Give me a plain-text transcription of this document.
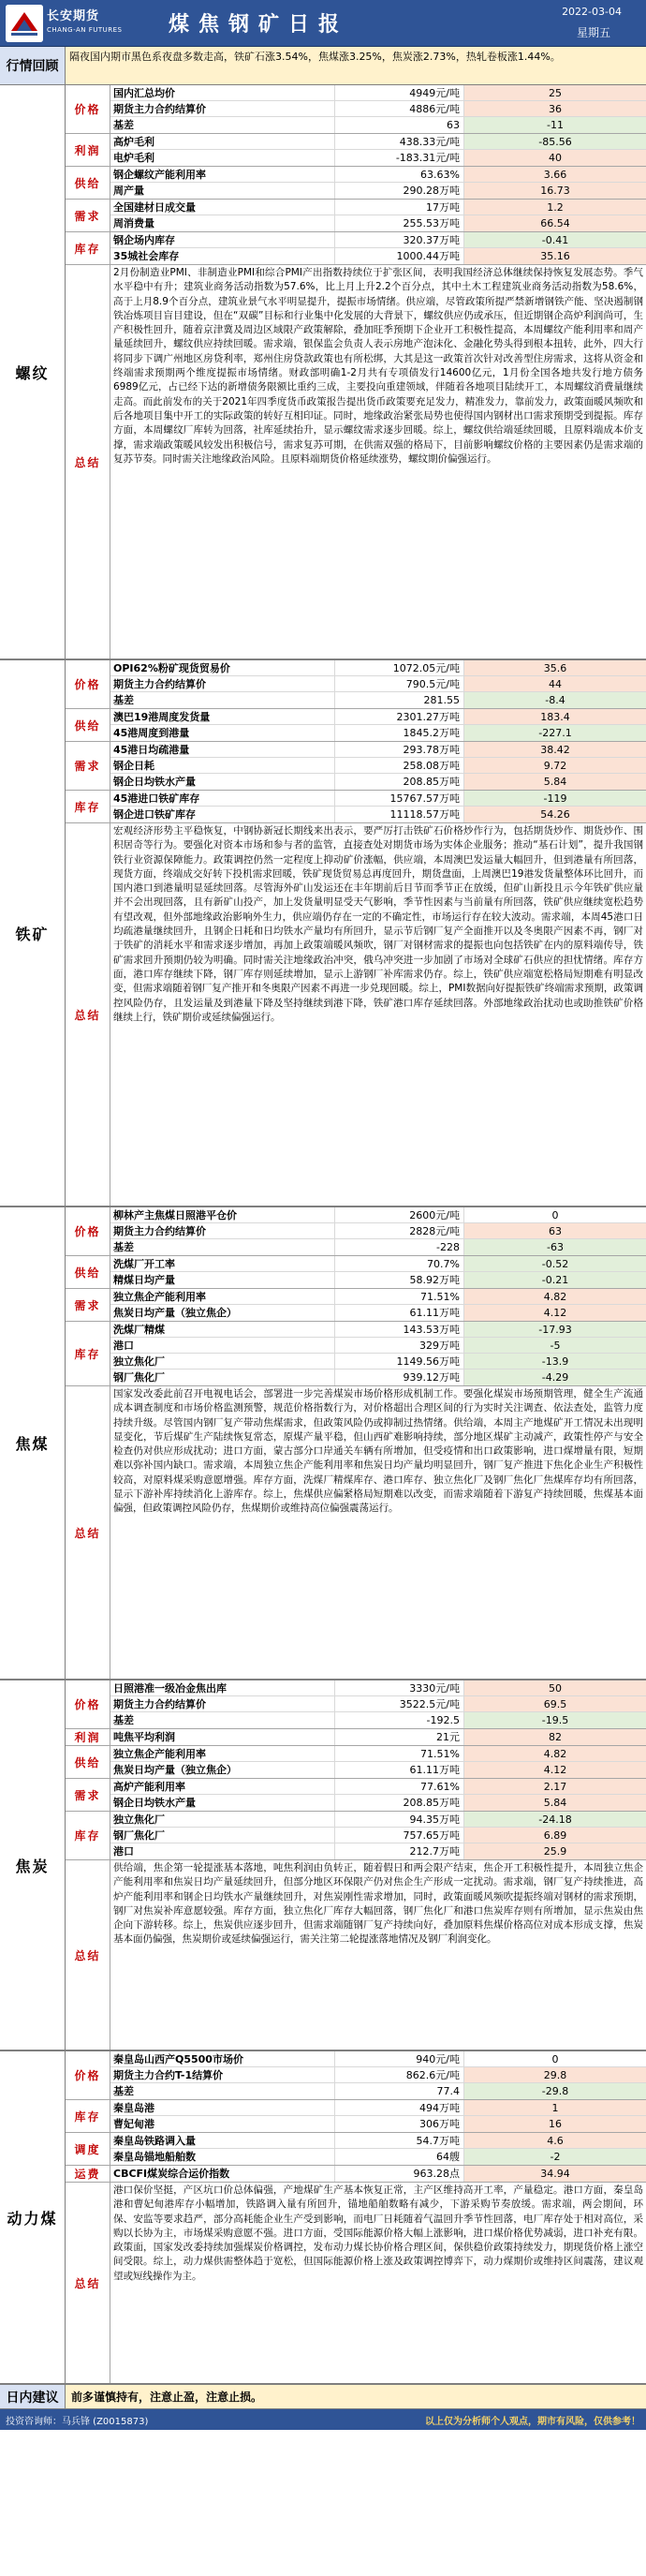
长安期货
CHANG-AN FUTURES 煤焦钢矿日报
2022-03-04
星期五
行情回顾
隔夜国内期市黑色系夜盘多数走高，铁矿石涨3.54%，焦煤涨3.25%，焦炭涨2.73%，热轧卷板涨1.44%。
螺纹
价格
国内汇总均价	4949元/吨	25
期货主力合约结算价	4886元/吨	36
基差	63	-11
利润
高炉毛利	438.33元/吨	-85.56
电炉毛利	-183.31元/吨	40
供给
钢企螺纹产能利用率	63.63%	3.66
周产量	290.28万吨	16.73
需求
全国建材日成交量	17万吨	1.2
周消费量	255.53万吨	66.54
库存
钢企场内库存	320.37万吨	-0.41
35城社会库存	1000.44万吨	35.16
总结
2月份制造业PMI、非制造业PMI和综合PMI产出指数持续位于扩张区间，表明我国经济总体继续保持恢复发展态势。季气水平稳中有升；建筑业商务活动指数为57.6%，比上月上升2.2个百分点，其中土木工程建筑业商务活动指数为58.6%，高于上月8.9个百分点，建筑业景气水平明显提升，提振市场情绪。供应端，尽管政策所提严禁新增钢铁产能、坚决遏制钢铁冶炼项目盲目建设，但在“双碳”目标和行业集中化发展的大背景下，螺纹供应仍或承压，但近期钢企高炉利润尚可，生产积极性回升，随着京津冀及周边区域限产政策解除，叠加旺季预期下企业开工积极性提高，本周螺纹产能利用率和周产量延续回升，螺纹供应持续回暖。需求端，银保监会负责人表示房地产泡沫化、金融化势头得到根本扭转，此外，四大行将同步下调广州地区房贷利率，郑州住房贷款政策也有所松绑，大其是这一政策首次针对改善型住房需求，这将从资金和终端需求预期两个维度提振市场情绪。财政部明确1-2月共有专项债发行14600亿元，1月份全国各地共发行地方债务6989亿元，占已经下达的新增债务限额比重约三成，主要投向重建领域，伴随着各地项目陆续开工，本周螺纹消费量继续走高。而此前发布的关于2021年四季度货币政策报告提出货币政策要充足发力，精准发力，靠前发力，政策面暖风频吹和后各地项目集中开工的实际政策的转好互相印证。同时，地缘政治紧张局势也使得国内钢材出口需求预期受到提振。库存方面，本周螺纹厂库转为回落，社库延续抬升，显示螺纹需求逐步回暖。综上，螺纹供给端延续回暖，且原料端成本价支撑，需求端政策暖风较发出积极信号，需求复苏可期，在供需双强的格局下，目前影响螺纹价格的主要因素仍是需求端的复苏节奏。同时需关注地缘政治风险。且原料端期货价格延续涨势，螺纹期价偏强运行。
铁矿
价格
OPI62%粉矿现货贸易价	1072.05元/吨	35.6
期货主力合约结算价	790.5元/吨	44
基差	281.55	-8.4
供给
澳巴19港周度发货量	2301.27万吨	183.4
45港周度到港量	1845.2万吨	-227.1
需求
45港日均疏港量	293.78万吨	38.42
钢企日耗	258.08万吨	9.72
钢企日均铁水产量	208.85万吨	5.84
库存
45港进口铁矿库存	15767.57万吨	-119
钢企进口铁矿库存	11118.57万吨	54.26
总结
宏观经济形势主平稳恢复，中钢协新冠长期线来出表示，要严厉打击铁矿石价格炒作行为，包括期货炒作、期货炒作、围积居奇等行为。要强化对资本市场和参与者的监管，直接查处对期货市场为实体企业服务；推动“基石计划”，提升我国钢铁行业资源保障能力。政策调控仍然一定程度上抑动矿价涨幅，供应端，本周澳巴发运量大幅回升，但到港量有所回落，现货方面，终端成交好转下投机需求回暖，铁矿现货贸易总再度回升，期货盘面，上周澳巴19港发货量整体环比回升，而国内港口到港量明显延续回落。尽管海外矿山发运还在丰年期前后目节而季节正在放缓，但矿山新投且示今年铁矿供应量并不会出现回落，且有新矿山投产，加上发货量明显受天气影响，季节性因素与当前量有所回落，铁矿供应继续宽松趋势有望改观，但外部地缘政治影响外生力，供应端仍存在一定的不确定性，市场运行存在较大波动。需求端，本周45港口日均疏港量继续回升，且钢企日耗和日均铁水产量均有所回升，显示节后钢厂复产全面推开以及冬奥限产因素不再，钢厂对于铁矿的消耗水平和需求逐步增加，再加上政策端暖风频吹，钢厂对钢材需求的提振也向包括铁矿在内的原料端传导，铁矿需求回升预期仍较为明确。同时需关注地缘政治冲突，俄乌冲突进一步加剧了市场对全球矿石供应的担忧情绪。库存方面，港口库存继续下降，钢厂库存则延续增加，显示上游钢厂补库需求仍存。综上，铁矿供应端宽松格局短期难有明显改变，但需求端随着钢厂复产推开和冬奥限产因素不再进一步兑现回暖。综上，PMI数据向好提振铁矿终端需求预期，政策调控风险仍存，且发运量及到港量下降及坚持继续到港下降，铁矿港口库存延续回落。外部地缘政治扰动也或助推铁矿价格继续上行，铁矿期价或延续偏强运行。
焦煤
价格
柳林产主焦煤日照港平仓价	2600元/吨	0
期货主力合约结算价	2828元/吨	63
基差	-228	-63
供给
洗煤厂开工率	70.7%	-0.52
精煤日均产量	58.92万吨	-0.21
需求
独立焦企产能利用率	71.51%	4.82
焦炭日均产量（独立焦企）	61.11万吨	4.12
库存
洗煤厂精煤	143.53万吨	-17.93
港口	329万吨	-5
独立焦化厂	1149.56万吨	-13.9
钢厂焦化厂	939.12万吨	-4.29
总结
国家发改委此前召开电视电话会，部署进一步完善煤炭市场价格形成机制工作。要强化煤炭市场预期管理，健全生产流通成本调查制度和市场价格监测预警，规范价格指数行为，对价格超出合理区间的行为实时关注调查、依法查处，监管力度持续升级。尽管国内钢厂复产带动焦煤需求，但政策风险仍或抑制过热情绪。供给端，本周主产地煤矿开工情况未出现明显变化，节后煤矿生产陆续恢复常态，原煤产量平稳，但山西矿难影响持续，部分地区煤矿主动减产，政策性停产与安全检查仍对供应形成扰动；进口方面，蒙古部分口岸通关车辆有所增加，但受疫情和出口政策影响，进口煤增量有限，短期难以弥补国内缺口。需求端，本周独立焦企产能利用率和焦炭日均产量均明显回升，钢厂复产推进下焦化企业生产积极性较高，对原料煤采购意愿增强。库存方面，洗煤厂精煤库存、港口库存、独立焦化厂及钢厂焦化厂焦煤库存均有所回落，显示下游补库持续消化上游库存。综上，焦煤供应偏紧格局短期难以改变，而需求端随着下游复产持续回暖，焦煤基本面偏强，但政策调控风险仍存，焦煤期价或维持高位偏强震荡运行。
焦炭
价格
日照港准一级冶金焦出库	3330元/吨	50
期货主力合约结算价	3522.5元/吨	69.5
基差	-192.5	-19.5
利润	吨焦平均利润	21元	82
供给
独立焦企产能利用率	71.51%	4.82
焦炭日均产量（独立焦企）	61.11万吨	4.12
需求
高炉产能利用率	77.61%	2.17
钢企日均铁水产量	208.85万吨	5.84
库存
独立焦化厂	94.35万吨	-24.18
钢厂焦化厂	757.65万吨	6.89
港口	212.7万吨	25.9
总结
供给端，焦企第一轮提涨基本落地，吨焦利润由负转正，随着假日和两会限产结束，焦企开工积极性提升，本周独立焦企产能利用率和焦炭日均产量延续回升，但部分地区环保限产仍对焦企生产形成一定扰动。需求端，钢厂复产持续推进，高炉产能利用率和钢企日均铁水产量继续回升，对焦炭刚性需求增加，同时，政策面暖风频吹提振终端对钢材的需求预期，钢厂对焦炭补库意愿较强。库存方面，独立焦化厂库存大幅回落，钢厂焦化厂和港口焦炭库存则有所增加，显示焦炭由焦企向下游转移。综上，焦炭供应逐步回升，但需求端随钢厂复产持续向好，叠加原料焦煤价格高位对成本形成支撑，焦炭基本面仍偏强，焦炭期价或延续偏强运行，需关注第二轮提涨落地情况及钢厂利润变化。
动力煤
价格
秦皇岛山西产Q5500市场价	940元/吨	0
期货主力合约T-1结算价	862.6元/吨	29.8
基差	77.4	-29.8
库存
秦皇岛港	494万吨	1
曹妃甸港	306万吨	16
调度
秦皇岛铁路调入量	54.7万吨	4.6
秦皇岛锚地船舶数	64艘	-2
运费	CBCFI煤炭综合运价指数	963.28点	34.94
总结
港口保价坚挺，产区坑口价总体偏强，产地煤矿生产基本恢复正常，主产区维持高开工率，产量稳定。港口方面，秦皇岛港和曹妃甸港库存小幅增加，铁路调入量有所回升，锚地船舶数略有减少，下游采购节奏放缓。需求端，两会期间，环保、安监等要求趋严，部分高耗能企业生产受到影响，而电厂日耗随着气温回升季节性回落，电厂库存处于相对高位，采购以长协为主，市场煤采购意愿不强。进口方面，受国际能源价格大幅上涨影响，进口煤价格优势减弱，进口补充有限。政策面，国家发改委持续加强煤炭价格调控，发布动力煤长协价格合理区间，保供稳价政策持续发力，期现货价格上涨空间受限。综上，动力煤供需整体趋于宽松，但国际能源价格上涨及政策调控博弈下，动力煤期价或维持区间震荡，建议观望或短线操作为主。
日内建议	前多谨慎持有，注意止盈，注意止损。
投资咨询师：马兵锋 (Z0015873)	以上仅为分析师个人观点，期市有风险，仅供参考！
